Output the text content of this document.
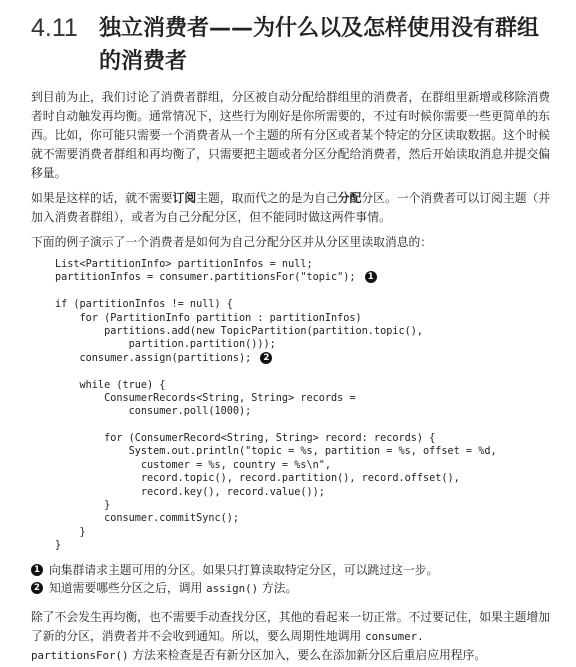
4.11 独立消费者——为什么以及怎样使用没有群组的消费者

到目前为止，我们讨论了消费者群组，分区被自动分配给群组里的消费者，在群组里新增或移除消费者时自动触发再均衡。通常情况下，这些行为刚好是你所需要的，不过有时候你需要一些更简单的东西。比如，你可能只需要一个消费者从一个主题的所有分区或者某个特定的分区读取数据。这个时候就不需要消费者群组和再均衡了，只需要把主题或者分区分配给消费者，然后开始读取消息并提交偏移量。

如果是这样的话，就不需要订阅主题，取而代之的是为自己分配分区。一个消费者可以订阅主题（并加入消费者群组），或者为自己分配分区，但不能同时做这两件事情。

下面的例子演示了一个消费者是如何为自己分配分区并从分区里读取消息的：

List<PartitionInfo> partitionInfos = null;
partitionInfos = consumer.partitionsFor("topic"); 1
if (partitionInfos != null) {
for (PartitionInfo partition : partitionInfos)
partitions.add(new TopicPartition(partition.topic(),
partition.partition()));
consumer.assign(partitions); 2
while (true) {
ConsumerRecords<String, String> records =
consumer.poll(1000);
for (ConsumerRecord<String, String> record: records) {
System.out.println("topic = %s, partition = %s, offset = %d,
customer = %s, country = %s\n",
record.topic(), record.partition(), record.offset(),
record.key(), record.value());
}
consumer.commitSync();
}
}
1 向集群请求主题可用的分区。如果只打算读取特定分区，可以跳过这一步。
2 知道需要哪些分区之后，调用 assign() 方法。

除了不会发生再均衡，也不需要手动查找分区，其他的看起来一切正常。不过要记住，如果主题增加了新的分区，消费者并不会收到通知。所以，要么周期性地调用 consumer.
partitionsFor() 方法来检查是否有新分区加入，要么在添加新分区后重启应用程序。
